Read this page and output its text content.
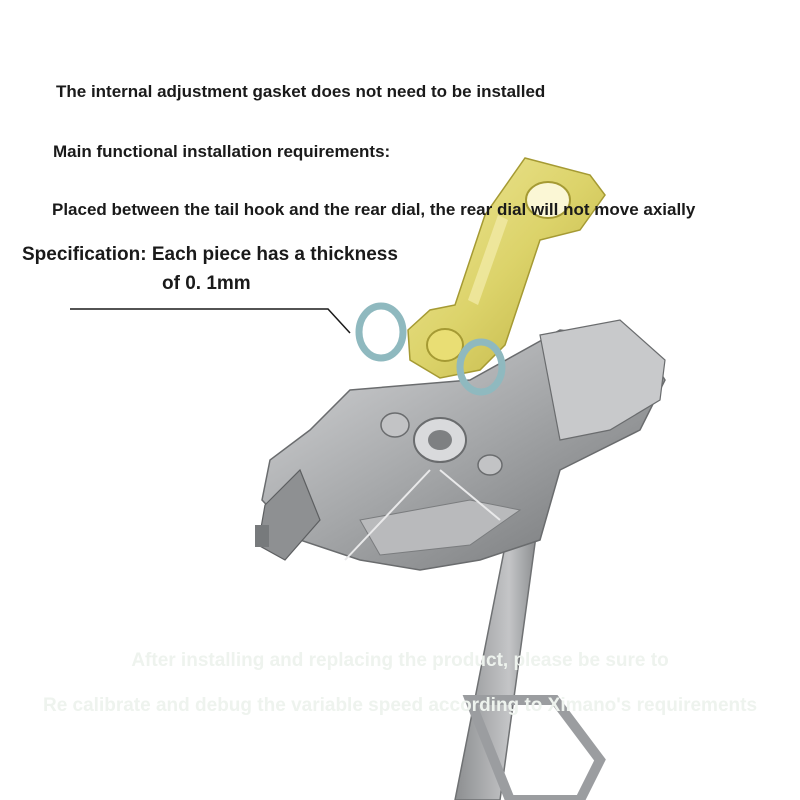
The internal adjustment gasket does not need to be installed
Main functional installation requirements:
Placed between the tail hook and the rear dial, the rear dial will not move axially
Specification: Each piece has a thickness
of 0. 1mm
After installing and replacing the product, please be sure to
Re calibrate and debug the variable speed according to Ximano's requirements
